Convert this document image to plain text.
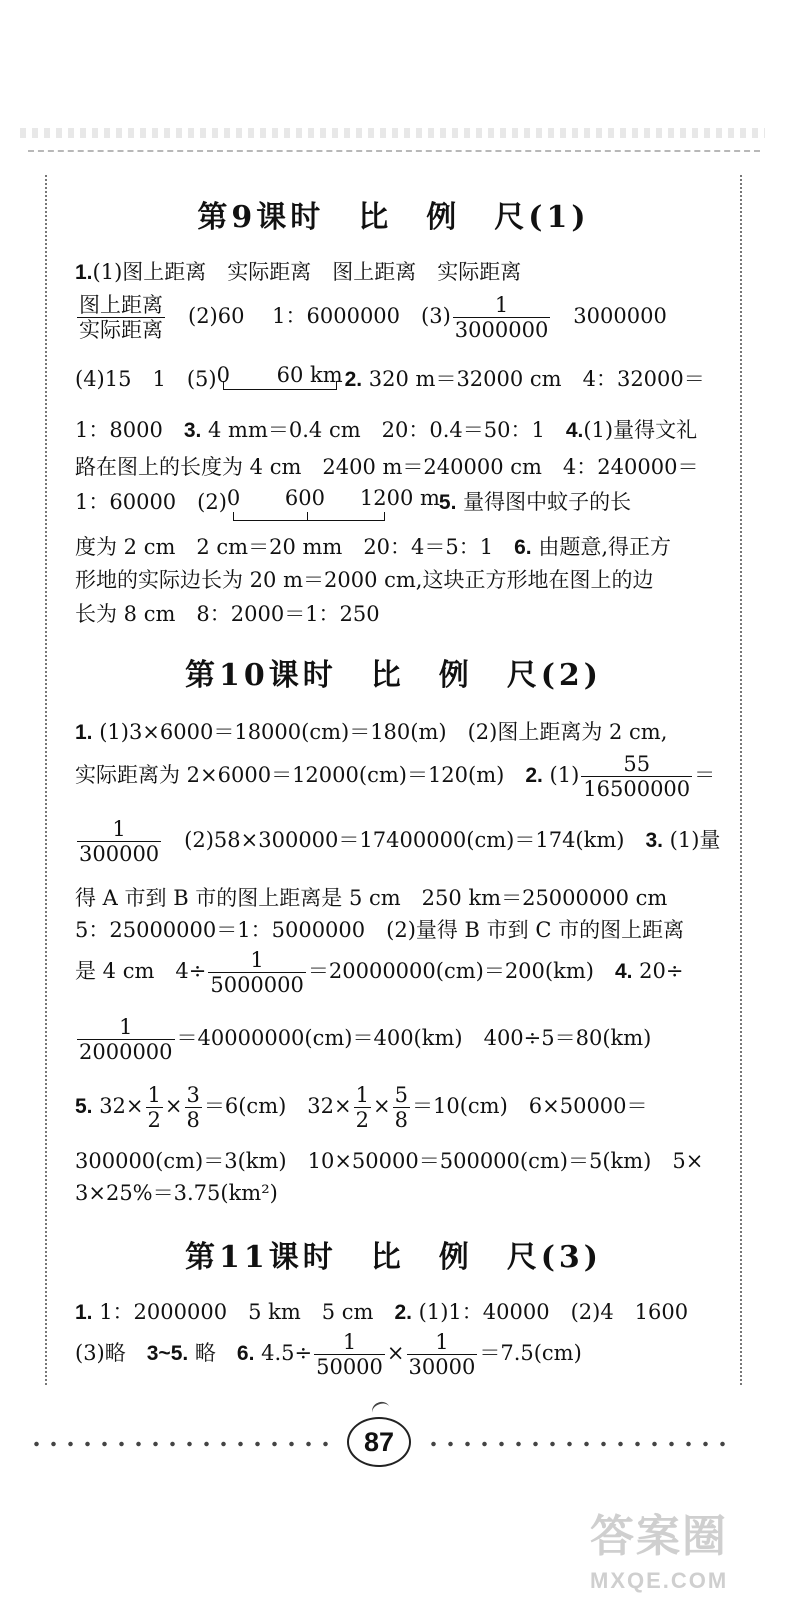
第9课时　比　例　尺(1)
1.(1)图上距离　实际距离　图上距离　实际距离
$\frac{\text{图上距离}}{\text{实际距离}}$ 　(2)60　 1：6000000　$(3) \frac{1}{3000000}$ 　3000000
(4)15　1　(5)0 60 km 2. 320 m＝32000 cm　4：32000＝
1：8000　3. 4 mm＝0.4 cm　20：0.4＝50：1　4.(1)量得文礼
路在图上的长度为 4 cm　2400 m＝240000 cm　4：240000＝
1：60000　(2)0 600 1200 m
5. 量得图中蚊子的长
度为 2 cm　2 cm＝20 mm　20：4＝5：1　6. 由题意,得正方
形地的实际边长为 20 m＝2000 cm,这块正方形地在图上的边
长为 8 cm　8：2000＝1：250
第10课时　比　例　尺(2)
1. (1)3×6000＝18000(cm)＝180(m)　(2)图上距离为 2 cm,
实际距离为 2×6000＝12000(cm)＝120(m)　2. $(1) \frac{55}{16500000}$ ＝
$\frac{1}{300000}$ 　(2)58×300000＝17400000(cm)＝174(km)　3. (1)量
得 A 市到 B 市的图上距离是 5 cm　250 km＝25000000 cm
5：25000000＝1：5000000　(2)量得 B 市到 C 市的图上距离
是 4 cm　$4\div \frac{1}{5000000} =20000000(cm)=200(km)$　4. 20÷
$\frac{1}{2000000} =40000000(cm)=400(km)$　400÷5＝80(km)
5. $32\times \frac{1}{2} \times \frac{3}{8} =6(cm)$　$32\times \frac{1}{2} \times \frac{5}{8} =10(cm)$　6×50000＝
300000(cm)＝3(km)　10×50000＝500000(cm)＝5(km)　5×
3×25%＝3.75(km²)
第11课时　比　例　尺(3)
1. 1：2000000　5 km　5 cm　2. (1)1：40000　(2)4　1600
(3)略　3~5. 略　6. $4.5\div \frac{1}{50000} \times \frac{1}{30000} =7.5(cm)$
87
答案圈
MXQE.COM
